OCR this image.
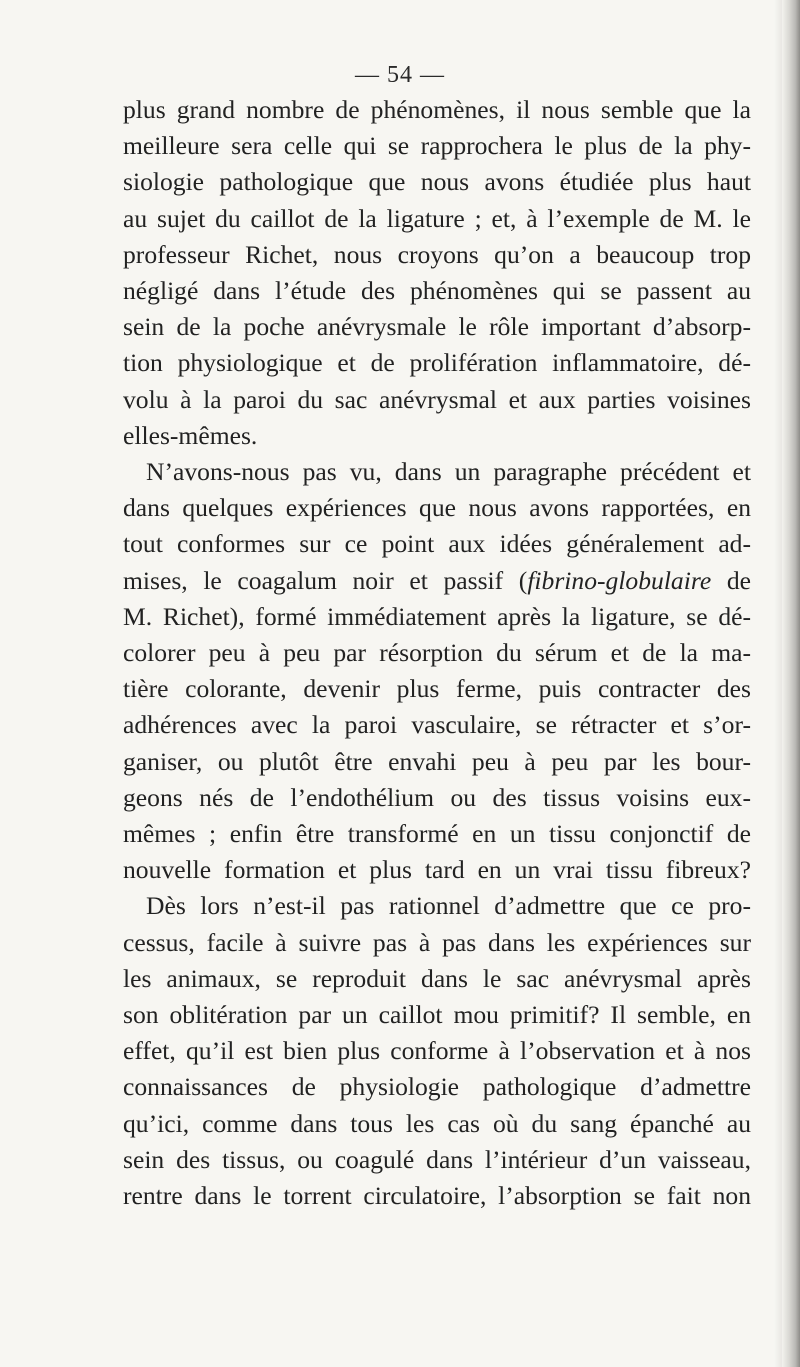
— 54 —
plus grand nombre de phénomènes, il nous semble que la
meilleure sera celle qui se rapprochera le plus de la phy-
siologie pathologique que nous avons étudiée plus haut
au sujet du caillot de la ligature ; et, à l’exemple de M. le
professeur Richet, nous croyons qu’on a beaucoup trop
négligé dans l’étude des phénomènes qui se passent au
sein de la poche anévrysmale le rôle important d’absorp-
tion physiologique et de prolifération inflammatoire, dé-
volu à la paroi du sac anévrysmal et aux parties voisines
elles-mêmes.
N’avons-nous pas vu, dans un paragraphe précédent et
dans quelques expériences que nous avons rapportées, en
tout conformes sur ce point aux idées généralement ad-
mises, le coagalum noir et passif (fibrino-globulaire de
M. Richet), formé immédiatement après la ligature, se dé-
colorer peu à peu par résorption du sérum et de la ma-
tière colorante, devenir plus ferme, puis contracter des
adhérences avec la paroi vasculaire, se rétracter et s’or-
ganiser, ou plutôt être envahi peu à peu par les bour-
geons nés de l’endothélium ou des tissus voisins eux-
mêmes ; enfin être transformé en un tissu conjonctif de
nouvelle formation et plus tard en un vrai tissu fibreux?
Dès lors n’est-il pas rationnel d’admettre que ce pro-
cessus, facile à suivre pas à pas dans les expériences sur
les animaux, se reproduit dans le sac anévrysmal après
son oblitération par un caillot mou primitif? Il semble, en
effet, qu’il est bien plus conforme à l’observation et à nos
connaissances de physiologie pathologique d’admettre
qu’ici, comme dans tous les cas où du sang épanché au
sein des tissus, ou coagulé dans l’intérieur d’un vaisseau,
rentre dans le torrent circulatoire, l’absorption se fait non
